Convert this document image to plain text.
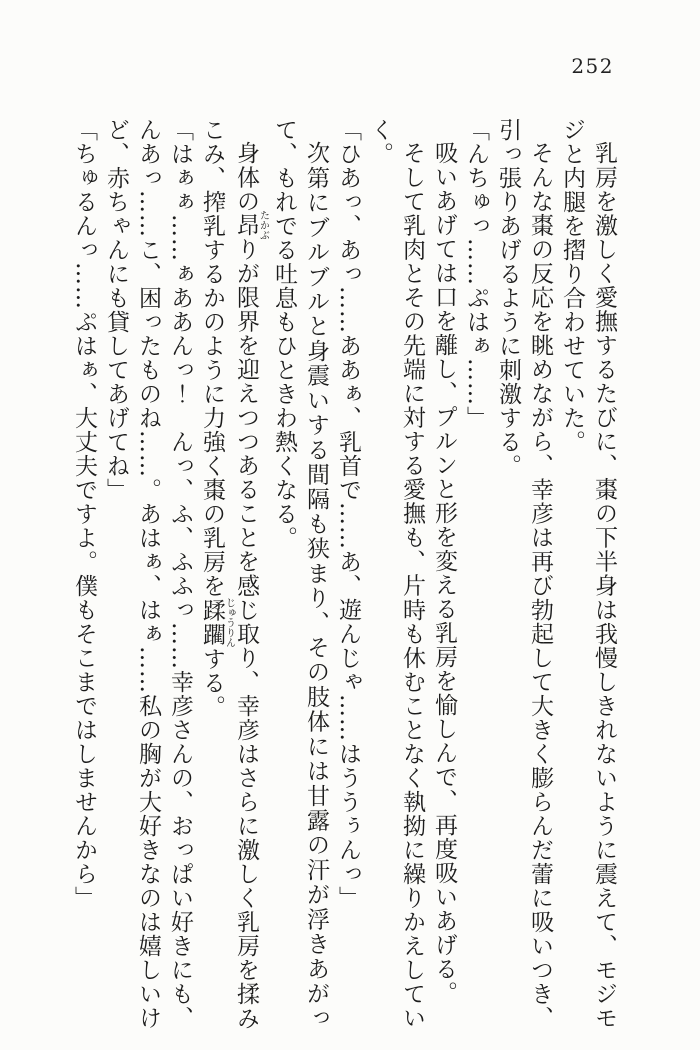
252

乳房を激しく愛撫するたびに、棗の下半身は我慢しきれないように震えて、モジモジと内腿を摺り合わせていた。

そんな棗の反応を眺めながら、幸彦は再び勃起して大きく膨らんだ蕾に吸いつき、引っ張りあげるように刺激する。

「んちゅっ……ぷはぁ……」

吸いあげては口を離し、プルンと形を変える乳房を愉しんで、再度吸いあげる。

そして乳肉とその先端に対する愛撫も、片時も休むことなく執拗に繰りかえしていく。

「ひあっ、あっ……ああぁ、乳首で……あ、遊んじゃ……はううぅんっ」

次第にブルブルと身震いする間隔も狭まり、その肢体には甘露の汗が浮きあがって、もれでる吐息もひときわ熱くなる。

身体の昂たかぶりが限界を迎えつつあることを感じ取り、幸彦はさらに激しく乳房を揉みこみ、搾乳するかのように力強く棗の乳房を蹂躙じゅうりんする。

「はぁぁ……ぁああんっ！　んっ、ふ、ふふっ……幸彦さんの、おっぱい好きにも、んあっ……こ、困ったものね……。あはぁ、はぁ……私の胸が大好きなのは嬉しいけど、赤ちゃんにも貸してあげてね」

「ちゅるんっ……ぷはぁ、大丈夫ですよ。僕もそこまではしませんから」
